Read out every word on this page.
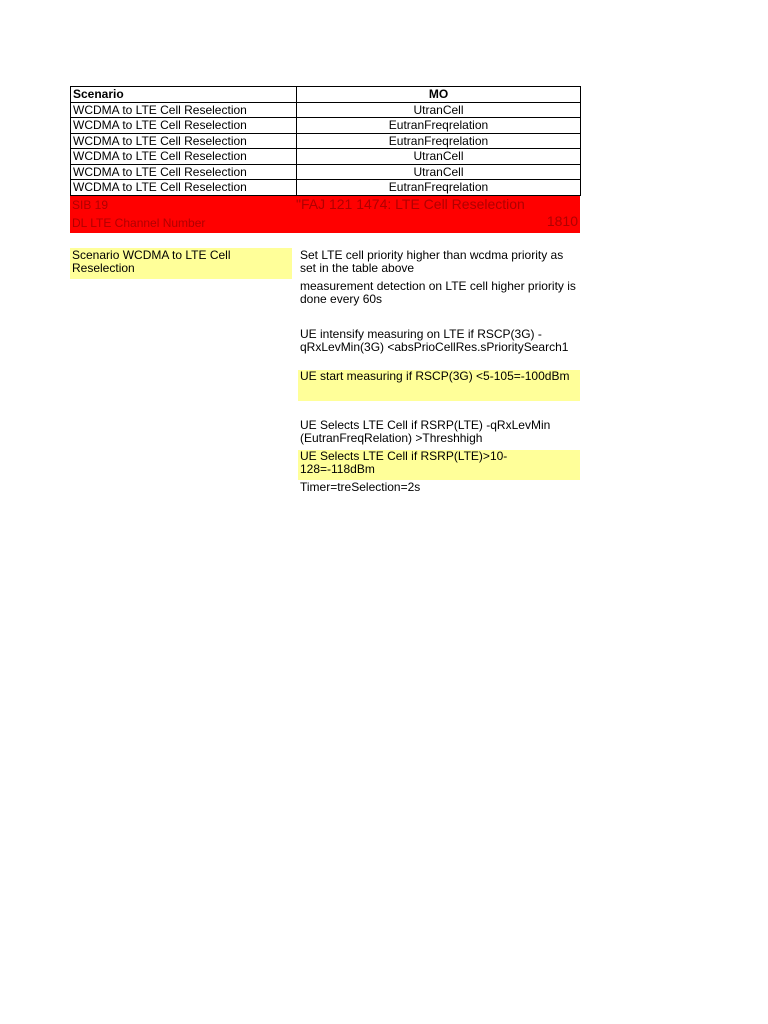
Scenario	MO
WCDMA to LTE Cell Reselection	UtranCell
WCDMA to LTE Cell Reselection	EutranFreqrelation
WCDMA to LTE Cell Reselection	EutranFreqrelation
WCDMA to LTE Cell Reselection	UtranCell
WCDMA to LTE Cell Reselection	UtranCell
WCDMA to LTE Cell Reselection	EutranFreqrelation
SIB 19	"FAJ 121 1474: LTE Cell Reselection
DL LTE Channel Number	1810
Scenario WCDMA to LTE Cell Reselection
Set LTE cell priority higher than wcdma priority as set in the table above
measurement detection on LTE cell higher priority is done every 60s
UE intensify measuring on LTE if RSCP(3G) - qRxLevMin(3G) <absPrioCellRes.sPrioritySearch1
UE start measuring if RSCP(3G) <5-105=-100dBm
UE Selects LTE Cell if RSRP(LTE) -qRxLevMin (EutranFreqRelation) >Threshhigh
UE Selects LTE Cell if RSRP(LTE)>10-128=-118dBm
Timer=treSelection=2s
